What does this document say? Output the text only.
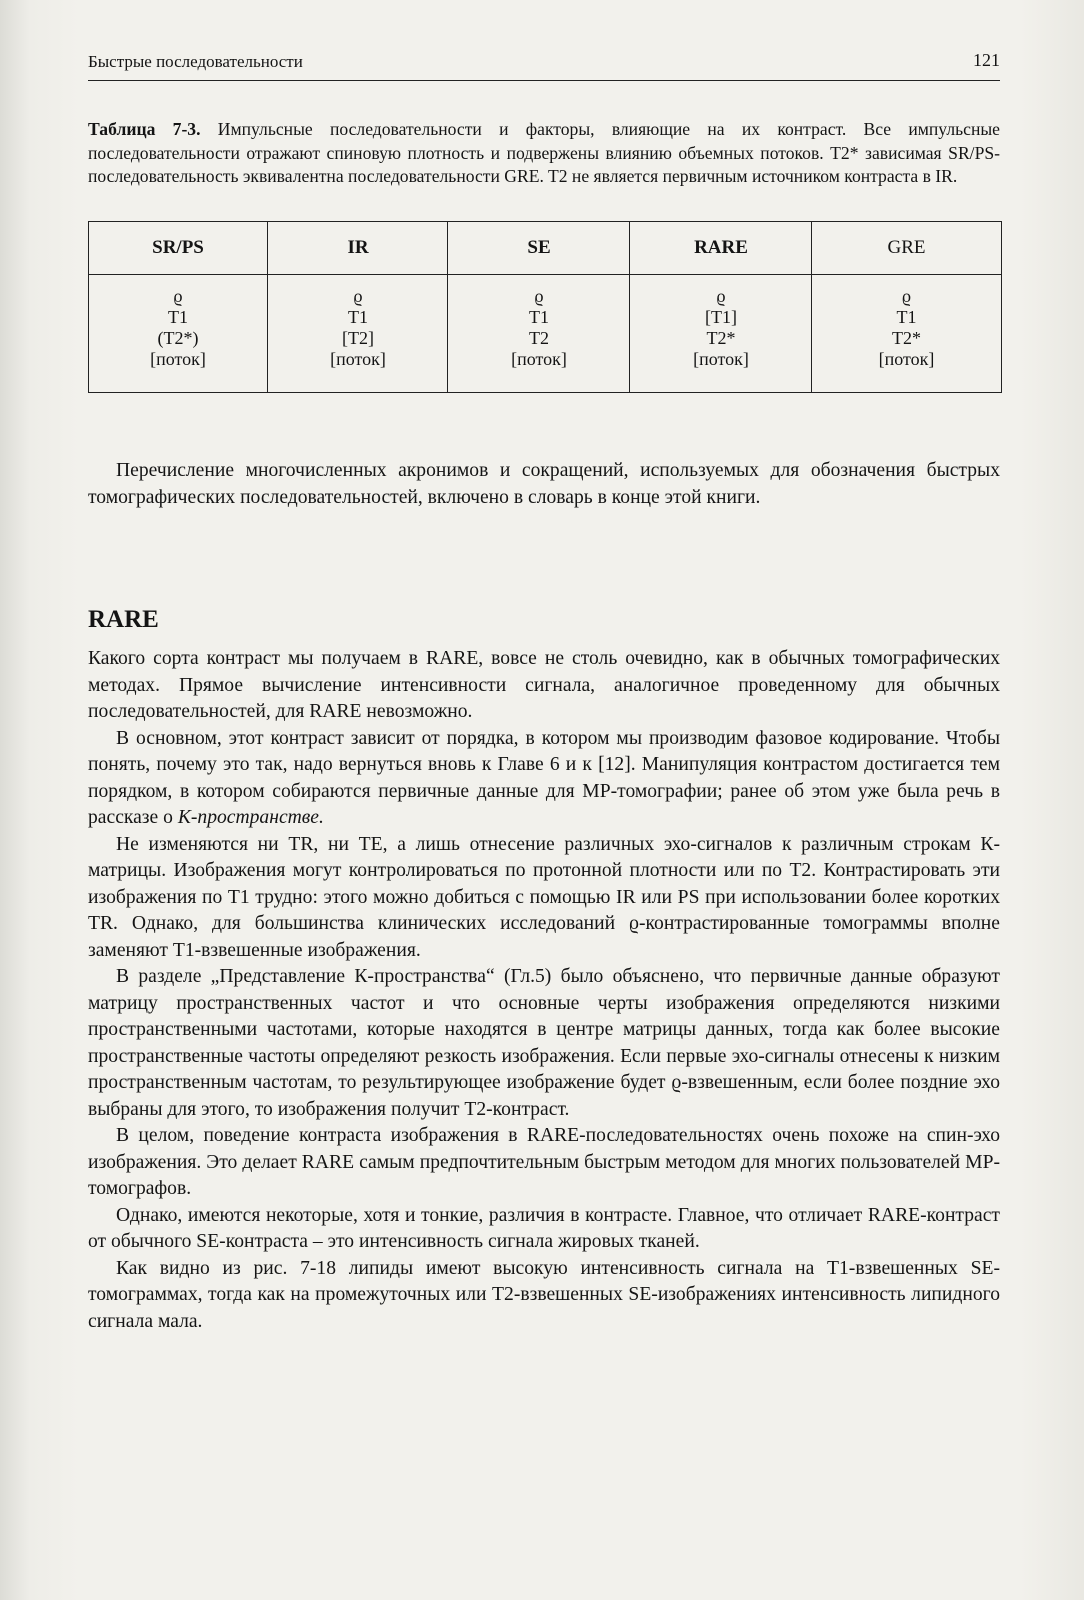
Быстрые последовательности	121
Таблица 7-3. Импульсные последовательности и факторы, влияющие на их контраст. Все импульсные последовательности отражают спиновую плотность и подвержены влиянию объемных потоков. T2* зависимая SR/PS-последовательность эквивалентна последовательности GRE. T2 не является первичным источником контраста в IR.
SR/PS
ϱ
T1
(T2*)
[поток]
IR
ϱ
T1
[T2]
[поток]
SE
ϱ
T1
T2
[поток]
RARE
ϱ
[T1]
T2*
[поток]
GRE
ϱ
T1
T2*
[поток]

Перечисление многочисленных акронимов и сокращений, используемых для обозначения быстрых томографических последовательностей, включено в словарь в конце этой книги.

RARE

Какого сорта контраст мы получаем в RARE, вовсе не столь очевидно, как в обычных томографических методах. Прямое вычисление интенсивности сигнала, аналогичное проведенному для обычных последовательностей, для RARE невозможно.

В основном, этот контраст зависит от порядка, в котором мы производим фазовое кодирование. Чтобы понять, почему это так, надо вернуться вновь к Главе 6 и к [12]. Манипуляция контрастом достигается тем порядком, в котором собираются первичные данные для МР-томографии; ранее об этом уже была речь в рассказе о К-пространстве.

Не изменяются ни TR, ни TE, а лишь отнесение различных эхо-сигналов к различным строкам К-матрицы. Изображения могут контролироваться по протонной плотности или по T2. Контрастировать эти изображения по T1 трудно: этого можно добиться с помощью IR или PS при использовании более коротких TR. Однако, для большинства клинических исследований ϱ-контрастированные томограммы вполне заменяют T1-взвешенные изображения.

В разделе „Представление К-пространства“ (Гл.5) было объяснено, что первичные данные образуют матрицу пространственных частот и что основные черты изображения определяются низкими пространственными частотами, которые находятся в центре матрицы данных, тогда как более высокие пространственные частоты определяют резкость изображения. Если первые эхо-сигналы отнесены к низким пространственным частотам, то результирующее изображение будет ϱ-взвешенным, если более поздние эхо выбраны для этого, то изображения получит T2-контраст.

В целом, поведение контраста изображения в RARE-последовательностях очень похоже на спин-эхо изображения. Это делает RARE самым предпочтительным быстрым методом для многих пользователей МР-томографов.

Однако, имеются некоторые, хотя и тонкие, различия в контрасте. Главное, что отличает RARE-контраст от обычного SE-контраста – это интенсивность сигнала жировых тканей.

Как видно из рис. 7-18 липиды имеют высокую интенсивность сигнала на T1-взвешенных SE-томограммах, тогда как на промежуточных или T2-взвешенных SE-изображениях интенсивность липидного сигнала мала.
